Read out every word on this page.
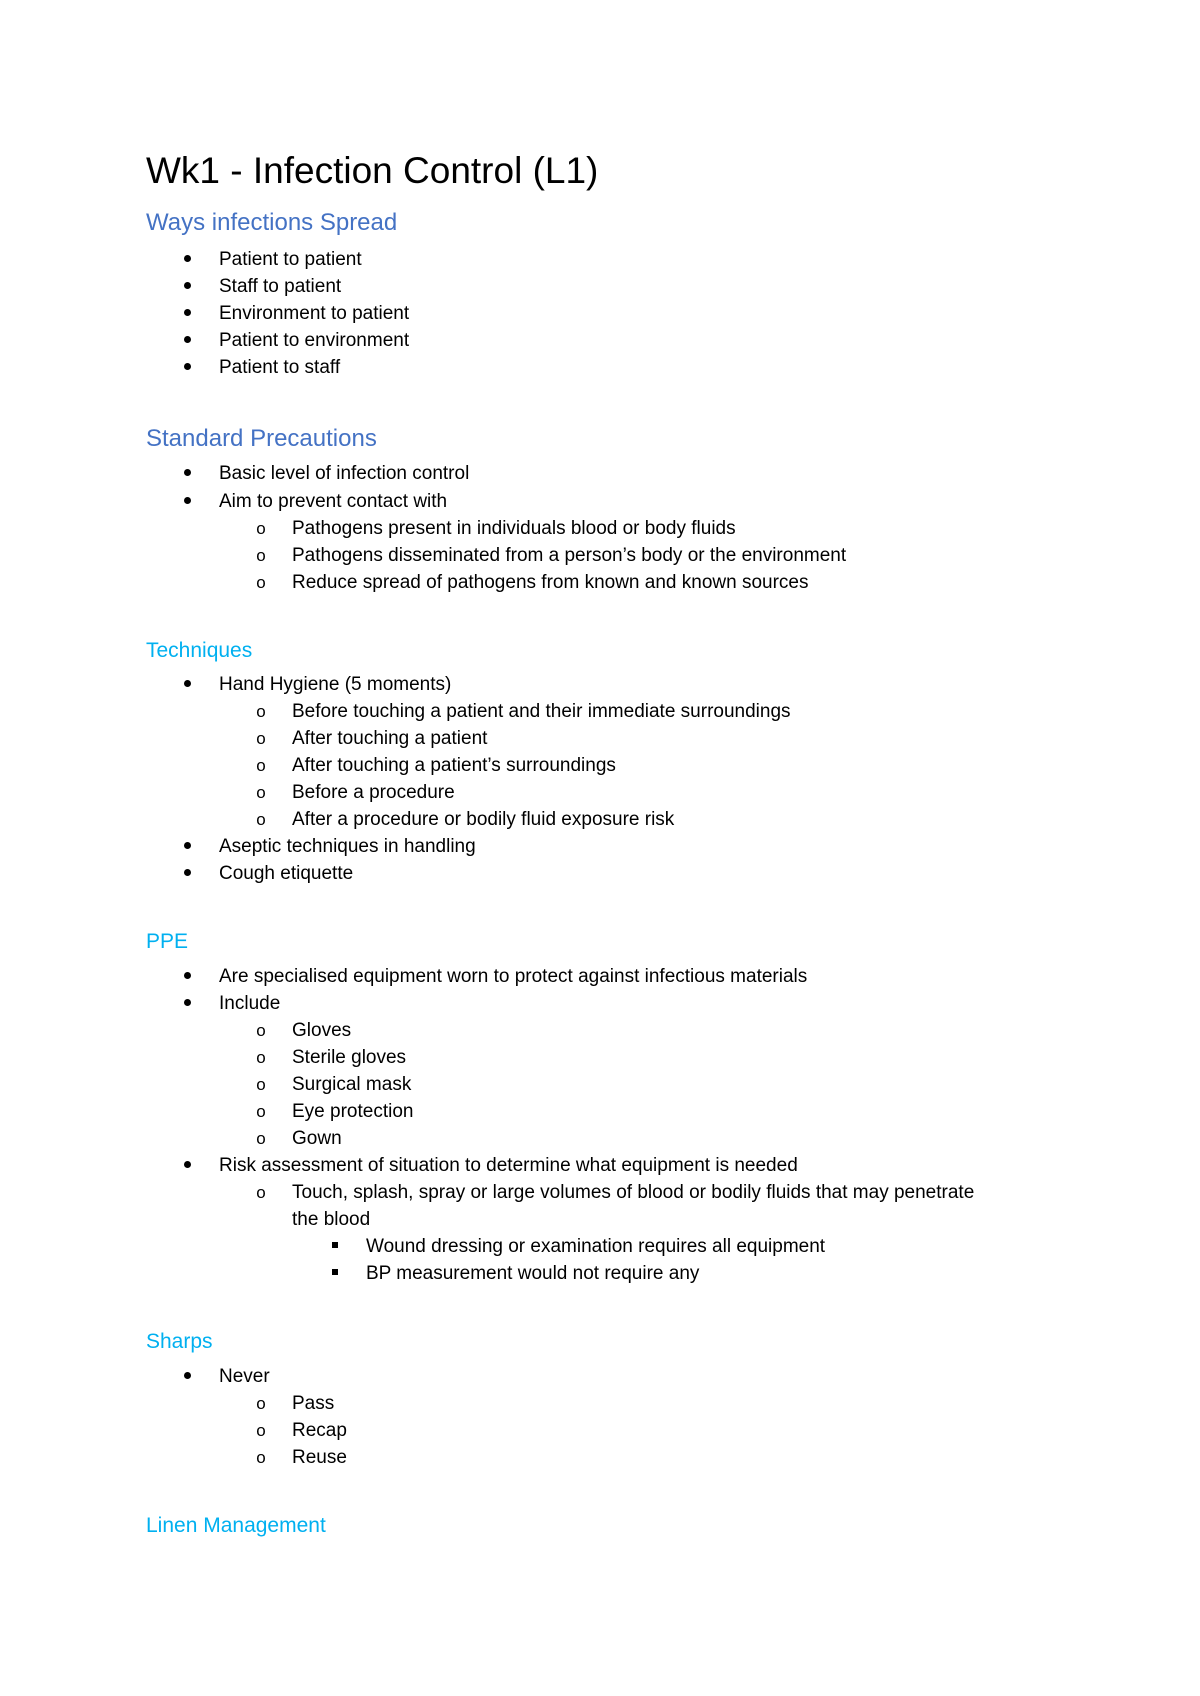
Wk1 - Infection Control (L1)
Ways infections Spread
Patient to patient
Staff to patient
Environment to patient
Patient to environment
Patient to staff
Standard Precautions
Basic level of infection control
Aim to prevent contact with
o Pathogens present in individuals blood or body fluids
o Pathogens disseminated from a person’s body or the environment
o Reduce spread of pathogens from known and known sources
Techniques
Hand Hygiene (5 moments)
o Before touching a patient and their immediate surroundings
o After touching a patient
o After touching a patient’s surroundings
o Before a procedure
o After a procedure or bodily fluid exposure risk
Aseptic techniques in handling
Cough etiquette
PPE
Are specialised equipment worn to protect against infectious materials
Include
o Gloves
o Sterile gloves
o Surgical mask
o Eye protection
o Gown
Risk assessment of situation to determine what equipment is needed
o Touch, splash, spray or large volumes of blood or bodily fluids that may penetrate
the blood
Wound dressing or examination requires all equipment
BP measurement would not require any
Sharps
Never
o Pass
o Recap
o Reuse
Linen Management
